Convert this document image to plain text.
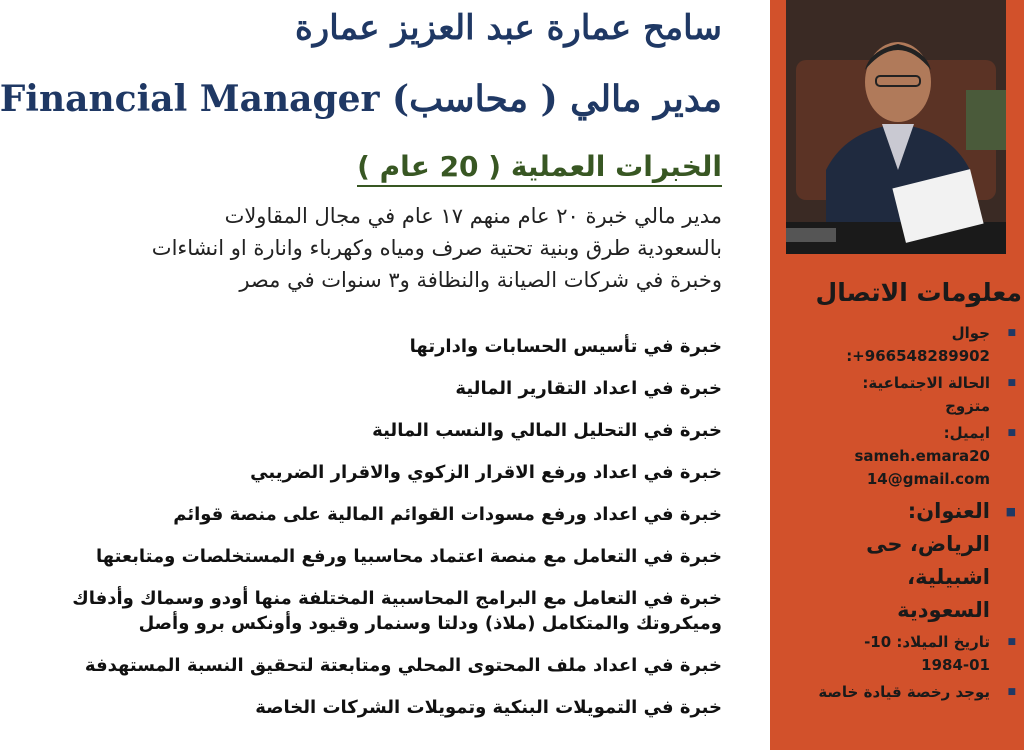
سامح عمارة عبد العزيز عمارة
مدير مالي ( محاسب) Financial Manager
الخبرات العملية ( 20 عام )

مدير مالي خبرة ٢٠ عام منهم ١٧ عام في مجال المقاولات
بالسعودية طرق وبنية تحتية صرف ومياه وكهرباء وانارة او انشاءات
وخبرة في شركات الصيانة والنظافة و٣ سنوات في مصر

خبرة في تأسيس الحسابات وادارتها
خبرة في اعداد التقارير المالية
خبرة في التحليل المالي والنسب المالية
خبرة في اعداد ورفع الاقرار الزكوي والاقرار الضريبي
خبرة في اعداد ورفع مسودات القوائم المالية على منصة قوائم
خبرة في التعامل مع منصة اعتماد محاسبيا ورفع المستخلصات ومتابعتها
خبرة في التعامل مع البرامج المحاسبية المختلفة منها أودو وسماك وأدفاك وميكروتك والمتكامل (ملاذ) ودلتا وسنمار وقيود وأونكس برو وأصل
خبرة في اعداد ملف المحتوى المحلي ومتابعتة لتحقيق النسبة المستهدفة
خبرة في التمويلات البنكية وتمويلات الشركات الخاصة
معلومات الاتصال
■ جوال
:+966548289902
■ الحالة الاجتماعية:
متزوج
■ ايميل:
sameh.emara20
14@gmail.com
■ العنوان:
الرياض، حى اشبيلية، السعودية
■ تاريخ الميلاد: 10-
1984-01
■ يوجد رخصة قيادة خاصة
